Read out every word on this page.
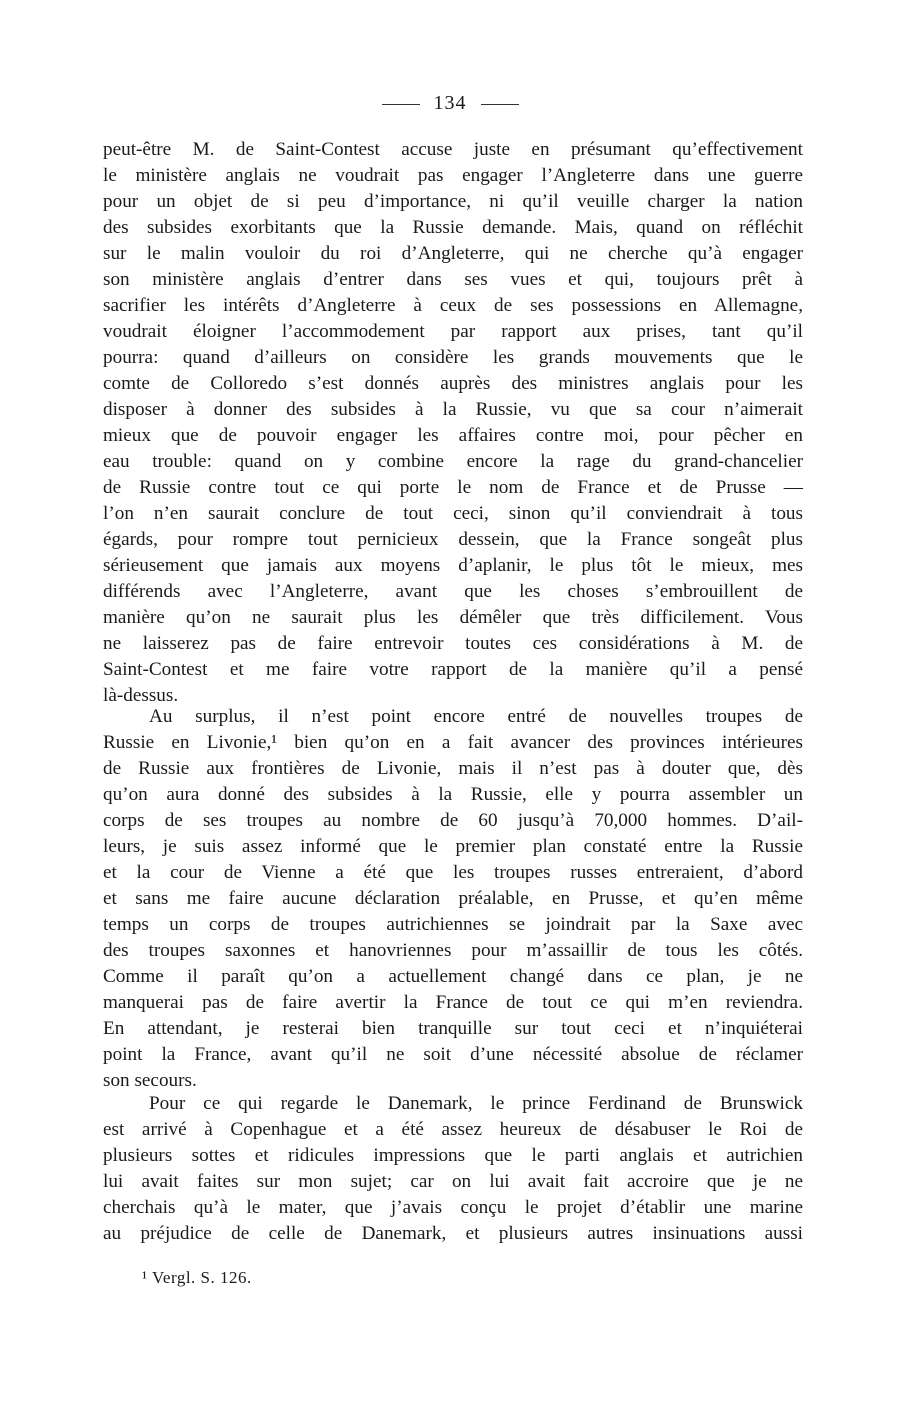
134
peut-être M. de Saint-Contest accuse juste en présumant qu’effectivement
le ministère anglais ne voudrait pas engager l’Angleterre dans une guerre
pour un objet de si peu d’importance, ni qu’il veuille charger la nation
des subsides exorbitants que la Russie demande. Mais, quand on réfléchit
sur le malin vouloir du roi d’Angleterre, qui ne cherche qu’à engager
son ministère anglais d’entrer dans ses vues et qui, toujours prêt à
sacrifier les intérêts d’Angleterre à ceux de ses possessions en Allemagne,
voudrait éloigner l’accommodement par rapport aux prises, tant qu’il
pourra: quand d’ailleurs on considère les grands mouvements que le
comte de Colloredo s’est donnés auprès des ministres anglais pour les
disposer à donner des subsides à la Russie, vu que sa cour n’aimerait
mieux que de pouvoir engager les affaires contre moi, pour pêcher en
eau trouble: quand on y combine encore la rage du grand-chancelier
de Russie contre tout ce qui porte le nom de France et de Prusse —
l’on n’en saurait conclure de tout ceci, sinon qu’il conviendrait à tous
égards, pour rompre tout pernicieux dessein, que la France songeât plus
sérieusement que jamais aux moyens d’aplanir, le plus tôt le mieux, mes
différends avec l’Angleterre, avant que les choses s’embrouillent de
manière qu’on ne saurait plus les démêler que très difficilement. Vous
ne laisserez pas de faire entrevoir toutes ces considérations à M. de
Saint-Contest et me faire votre rapport de la manière qu’il a pensé
là-dessus.
Au surplus, il n’est point encore entré de nouvelles troupes de
Russie en Livonie,¹ bien qu’on en a fait avancer des provinces intérieures
de Russie aux frontières de Livonie, mais il n’est pas à douter que, dès
qu’on aura donné des subsides à la Russie, elle y pourra assembler un
corps de ses troupes au nombre de 60 jusqu’à 70,000 hommes. D’ail-
leurs, je suis assez informé que le premier plan constaté entre la Russie
et la cour de Vienne a été que les troupes russes entreraient, d’abord
et sans me faire aucune déclaration préalable, en Prusse, et qu’en même
temps un corps de troupes autrichiennes se joindrait par la Saxe avec
des troupes saxonnes et hanovriennes pour m’assaillir de tous les côtés.
Comme il paraît qu’on a actuellement changé dans ce plan, je ne
manquerai pas de faire avertir la France de tout ce qui m’en reviendra.
En attendant, je resterai bien tranquille sur tout ceci et n’inquiéterai
point la France, avant qu’il ne soit d’une nécessité absolue de réclamer
son secours.
Pour ce qui regarde le Danemark, le prince Ferdinand de Brunswick
est arrivé à Copenhague et a été assez heureux de désabuser le Roi de
plusieurs sottes et ridicules impressions que le parti anglais et autrichien
lui avait faites sur mon sujet; car on lui avait fait accroire que je ne
cherchais qu’à le mater, que j’avais conçu le projet d’établir une marine
au préjudice de celle de Danemark, et plusieurs autres insinuations aussi
¹ Vergl. S. 126.
